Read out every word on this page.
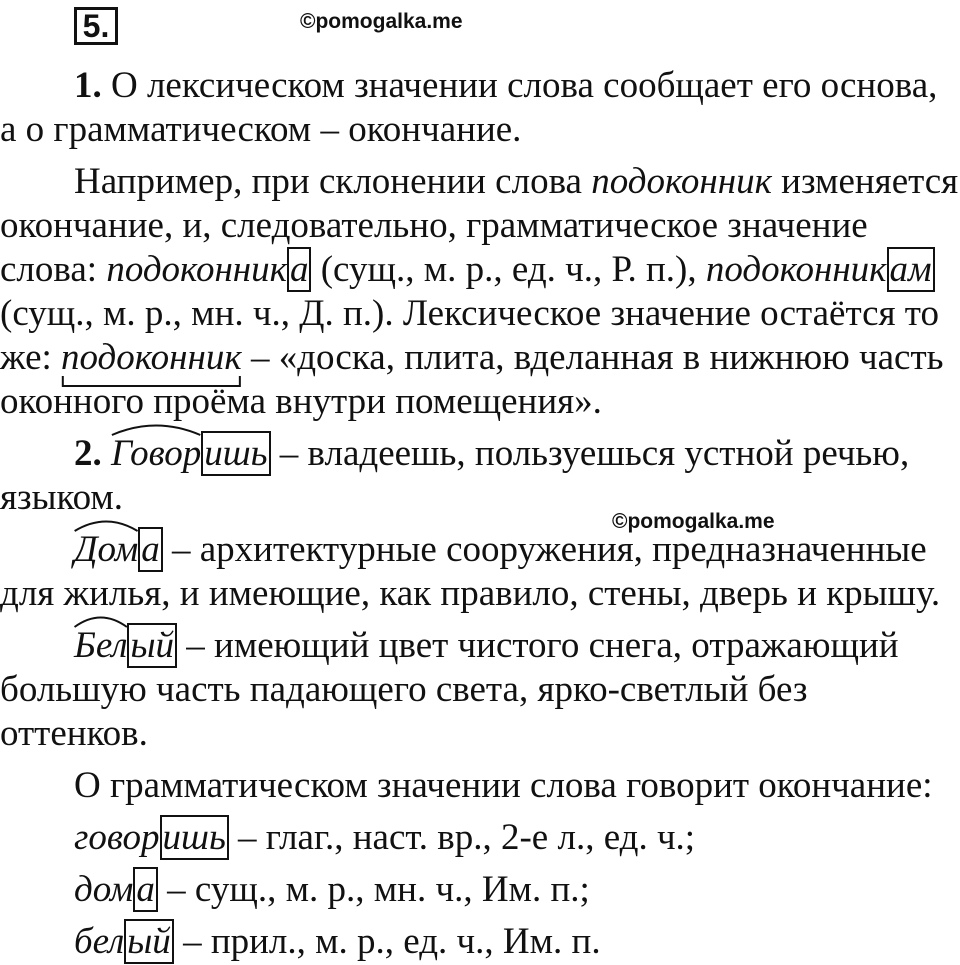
5.	©pomogalka.me
©pomogalka.me
1. О лексическом значении слова сообщает его основа,
а о грамматическом – окончание.
Например, при склонении слова подоконник изменяется
окончание, и, следовательно, грамматическое значение
слова: подоконника (сущ., м. р., ед. ч., Р. п.), подоконникам
(сущ., м. р., мн. ч., Д. п.). Лексическое значение остаётся то
же: подоконник
– «доска, плита, вделанная в нижнюю часть
оконного проёма внутри помещения».
2. Говор
ишь – владеешь, пользуешься устной речью,
языком.
Дом
а – архитектурные сооружения, предназначенные
для жилья, и имеющие, как правило, стены, дверь и крышу.
Бел
ый – имеющий цвет чистого снега, отражающий
большую часть падающего света, ярко-светлый без
оттенков.
О грамматическом значении слова говорит окончание:
говоришь – глаг., наст. вр., 2-е л., ед. ч.;
дома – сущ., м. р., мн. ч., Им. п.;
белый – прил., м. р., ед. ч., Им. п.
